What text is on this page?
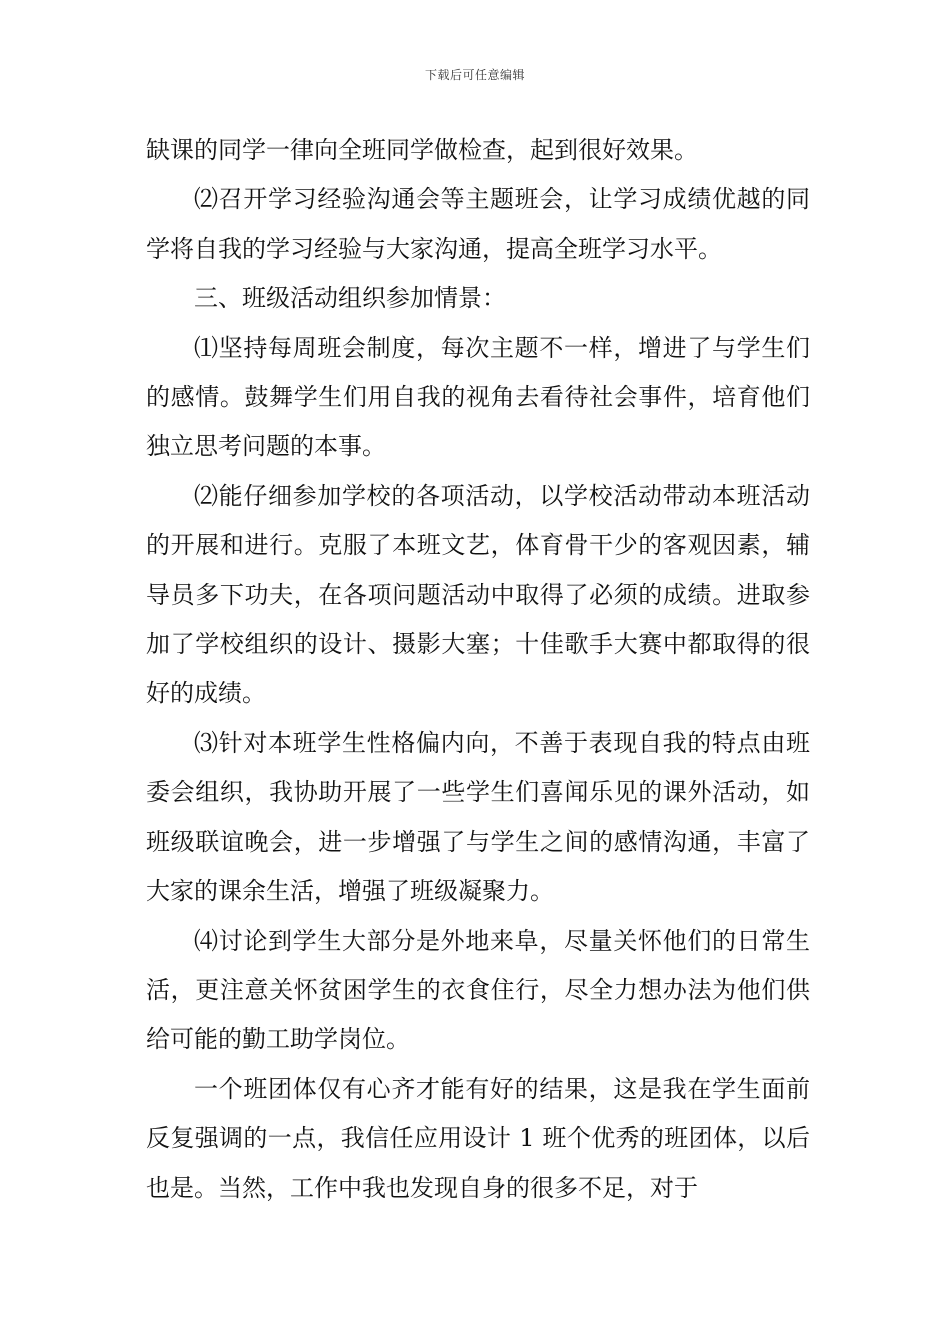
下载后可任意编辑

缺课的同学一律向全班同学做检查，起到很好效果。

⑵召开学习经验沟通会等主题班会，让学习成绩优越的同学将自我的学习经验与大家沟通，提高全班学习水平。

三、班级活动组织参加情景：

⑴坚持每周班会制度，每次主题不一样，增进了与学生们的感情。鼓舞学生们用自我的视角去看待社会事件，培育他们独立思考问题的本事。

⑵能仔细参加学校的各项活动，以学校活动带动本班活动的开展和进行。克服了本班文艺，体育骨干少的客观因素，辅导员多下功夫，在各项问题活动中取得了必须的成绩。进取参加了学校组织的设计、摄影大塞；十佳歌手大赛中都取得的很好的成绩。

⑶针对本班学生性格偏内向，不善于表现自我的特点由班委会组织，我协助开展了一些学生们喜闻乐见的课外活动，如班级联谊晚会，进一步增强了与学生之间的感情沟通，丰富了大家的课余生活，增强了班级凝聚力。

⑷讨论到学生大部分是外地来阜，尽量关怀他们的日常生活，更注意关怀贫困学生的衣食住行，尽全力想办法为他们供给可能的勤工助学岗位。

一个班团体仅有心齐才能有好的结果，这是我在学生面前反复强调的一点，我信任应用设计 1 班个优秀的班团体，以后也是。当然，工作中我也发现自身的很多不足，对于
